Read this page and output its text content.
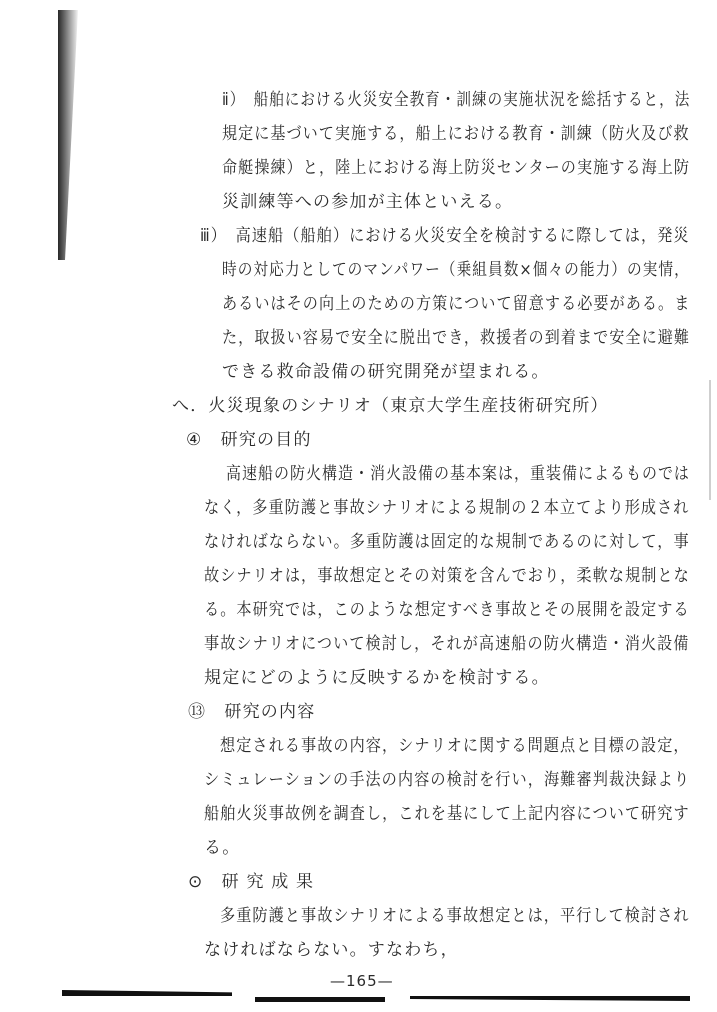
ⅱ）　船舶における火災安全教育・訓練の実施状況を総括すると，法
規定に基づいて実施する，船上における教育・訓練（防火及び救
命艇操練）と，陸上における海上防災センターの実施する海上防
災訓練等への参加が主体といえる。
ⅲ）　高速船（船舶）における火災安全を検討するに際しては，発災
時の対応力としてのマンパワー（乗組員数×個々の能力）の実情，
あるいはその向上のための方策について留意する必要がある。ま
た，取扱い容易で安全に脱出でき，救援者の到着まで安全に避難
できる救命設備の研究開発が望まれる。
へ．火災現象のシナリオ（東京大学生産技術研究所）
④　研究の目的
高速船の防火構造・消火設備の基本案は，重装備によるものでは
なく，多重防護と事故シナリオによる規制の２本立てより形成され
なければならない。多重防護は固定的な規制であるのに対して，事
故シナリオは，事故想定とその対策を含んでおり，柔軟な規制とな
る。本研究では，このような想定すべき事故とその展開を設定する
事故シナリオについて検討し，それが高速船の防火構造・消火設備
規定にどのように反映するかを検討する。
⑬　研究の内容
想定される事故の内容，シナリオに関する問題点と目標の設定，
シミュレーションの手法の内容の検討を行い，海難審判裁決録より
船舶火災事故例を調査し，これを基にして上記内容について研究す
る。
⊙　研 究 成 果
多重防護と事故シナリオによる事故想定とは，平行して検討され
なければならない。すなわち，
—165—
